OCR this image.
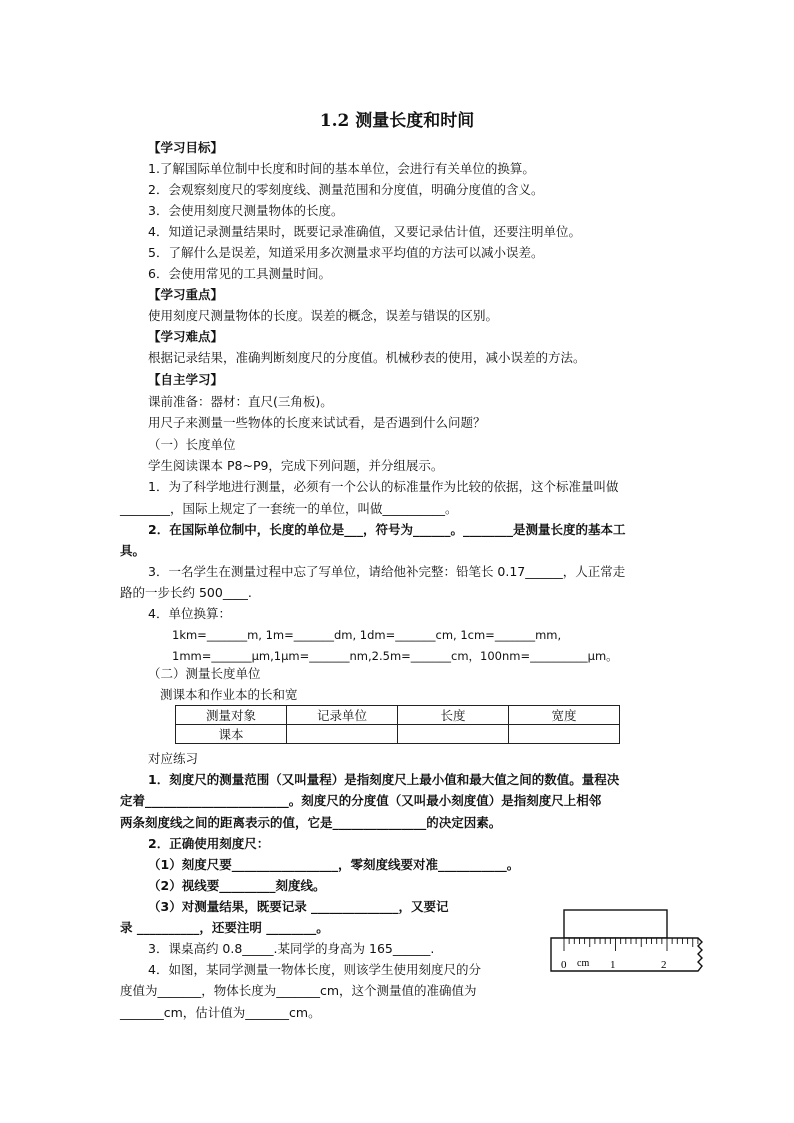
1.2 测量长度和时间
【学习目标】
1.了解国际单位制中长度和时间的基本单位，会进行有关单位的换算。
2．会观察刻度尺的零刻度线、测量范围和分度值，明确分度值的含义。
3．会使用刻度尺测量物体的长度。
4．知道记录测量结果时，既要记录准确值，又要记录估计值，还要注明单位。
5．了解什么是误差，知道采用多次测量求平均值的方法可以减小误差。
6．会使用常见的工具测量时间。
【学习重点】
使用刻度尺测量物体的长度。误差的概念，误差与错误的区别。
【学习难点】
根据记录结果，准确判断刻度尺的分度值。机械秒表的使用，减小误差的方法。
【自主学习】
课前准备：器材：直尺(三角板)。
用尺子来测量一些物体的长度来试试看，是否遇到什么问题？
（一）长度单位
学生阅读课本 P8~P9，完成下列问题，并分组展示。
1．为了科学地进行测量，必须有一个公认的标准量作为比较的依据，这个标准量叫做
________，国际上规定了一套统一的单位，叫做__________。
2．在国际单位制中，长度的单位是___，符号为______。________是测量长度的基本工
具。
3．一名学生在测量过程中忘了写单位，请给他补完整：铅笔长 0.17______，人正常走
路的一步长约 500____.
4．单位换算：
1km=_______m, 1m=_______dm, 1dm=_______cm, 1cm=_______mm,
1mm=_______μm,1μm=_______nm,2.5m=_______cm，100nm=__________μm。
（二）测量长度单位
测课本和作业本的长和宽
测量对象	记录单位	长度	宽度
课本			
对应练习
1．刻度尺的测量范围（又叫量程）是指刻度尺上最小值和最大值之间的数值。量程决
定着_______________________。刻度尺的分度值（又叫最小刻度值）是指刻度尺上相邻
两条刻度线之间的距离表示的值，它是_______________的决定因素。
2．正确使用刻度尺：
（1）刻度尺要_________________，零刻度线要对准___________。
（2）视线要_________刻度线。
（3）对测量结果，既要记录 ______________，又要记
录 __________，还要注明 ________。
3．课桌高约 0.8_____.某同学的身高为 165______.
4．如图，某同学测量一物体长度，则该学生使用刻度尺的分
度值为_______，物体长度为_______cm，这个测量值的准确值为
_______cm，估计值为_______cm。
0 cm 1	2
